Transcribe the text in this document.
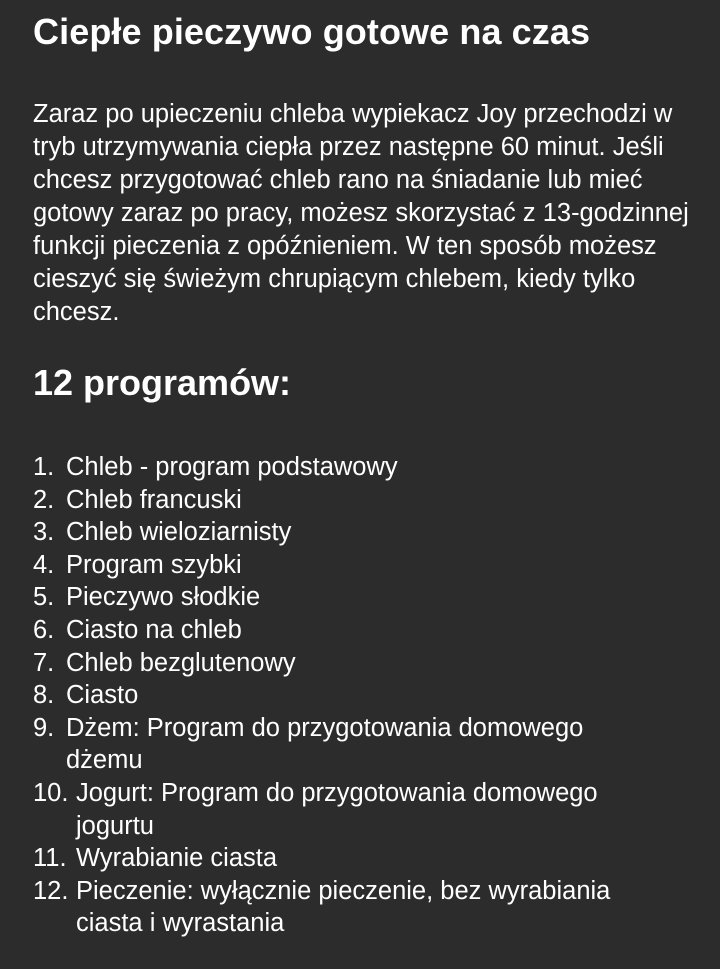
Ciepłe pieczywo gotowe na czas

Zaraz po upieczeniu chleba wypiekacz Joy przechodzi w tryb utrzymywania ciepła przez następne 60 minut. Jeśli chcesz przygotować chleb rano na śniadanie lub mieć gotowy zaraz po pracy, możesz skorzystać z 13-godzinnej funkcji pieczenia z opóźnieniem. W ten sposób możesz cieszyć się świeżym chrupiącym chlebem, kiedy tylko chcesz.

12 programów:
1. Chleb - program podstawowy
2. Chleb francuski
3. Chleb wieloziarnisty
4. Program szybki
5. Pieczywo słodkie
6. Ciasto na chleb
7. Chleb bezglutenowy
8. Ciasto
9. Dżem: Program do przygotowania domowego dżemu
10. Jogurt: Program do przygotowania domowego jogurtu
11. Wyrabianie ciasta
12. Pieczenie: wyłącznie pieczenie, bez wyrabiania ciasta i wyrastania
